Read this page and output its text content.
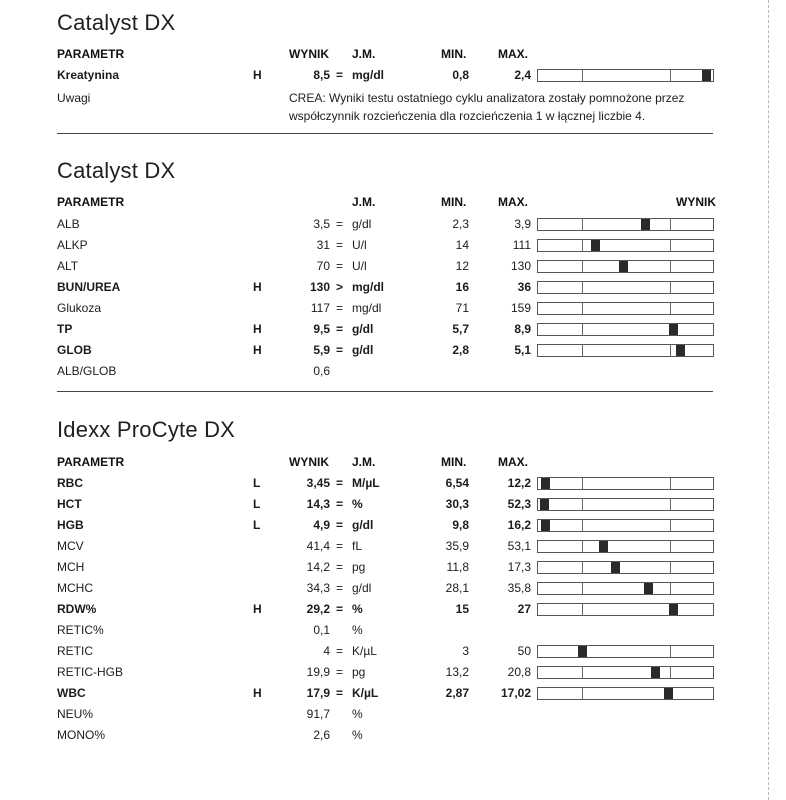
Catalyst DX
PARAMETR	WYNIK J.M.	MIN.	MAX.
Kreatynina	H	8,5 = mg/dl	0,8	2,4
Uwagi	CREA: Wyniki testu ostatniego cyklu analizatora zostały pomnożone przez
współczynnik rozcieńczenia dla rozcieńczenia 1 w łącznej liczbie 4.
Catalyst DX
PARAMETR	J.M.	MIN.	MAX.	WYNIK
ALB	3,5 = g/dl	2,3	3,9
ALKP	31 = U/l	14	111
ALT	70 = U/l	12	130
BUN/UREA	H	130 > mg/dl	16	36
Glukoza	117 = mg/dl	71	159
TP	H	9,5 = g/dl	5,7	8,9
GLOB	H	5,9 = g/dl	2,8	5,1
ALB/GLOB	0,6
Idexx ProCyte DX
PARAMETR	WYNIK J.M.	MIN.	MAX.
RBC	L	3,45 = M/µL	6,54	12,2
HCT	L	14,3 = %	30,3	52,3
HGB	L	4,9 = g/dl	9,8	16,2
MCV	41,4 = fL	35,9	53,1
MCH	14,2 = pg	11,8	17,3
MCHC	34,3 = g/dl	28,1	35,8
RDW%	H	29,2 = %	15	27
RETIC%	0,1 %
RETIC	4 = K/µL	3	50
RETIC-HGB	19,9 = pg	13,2	20,8
WBC	H	17,9 = K/µL	2,87	17,02
NEU%	91,7 %
MONO%	2,6 %
